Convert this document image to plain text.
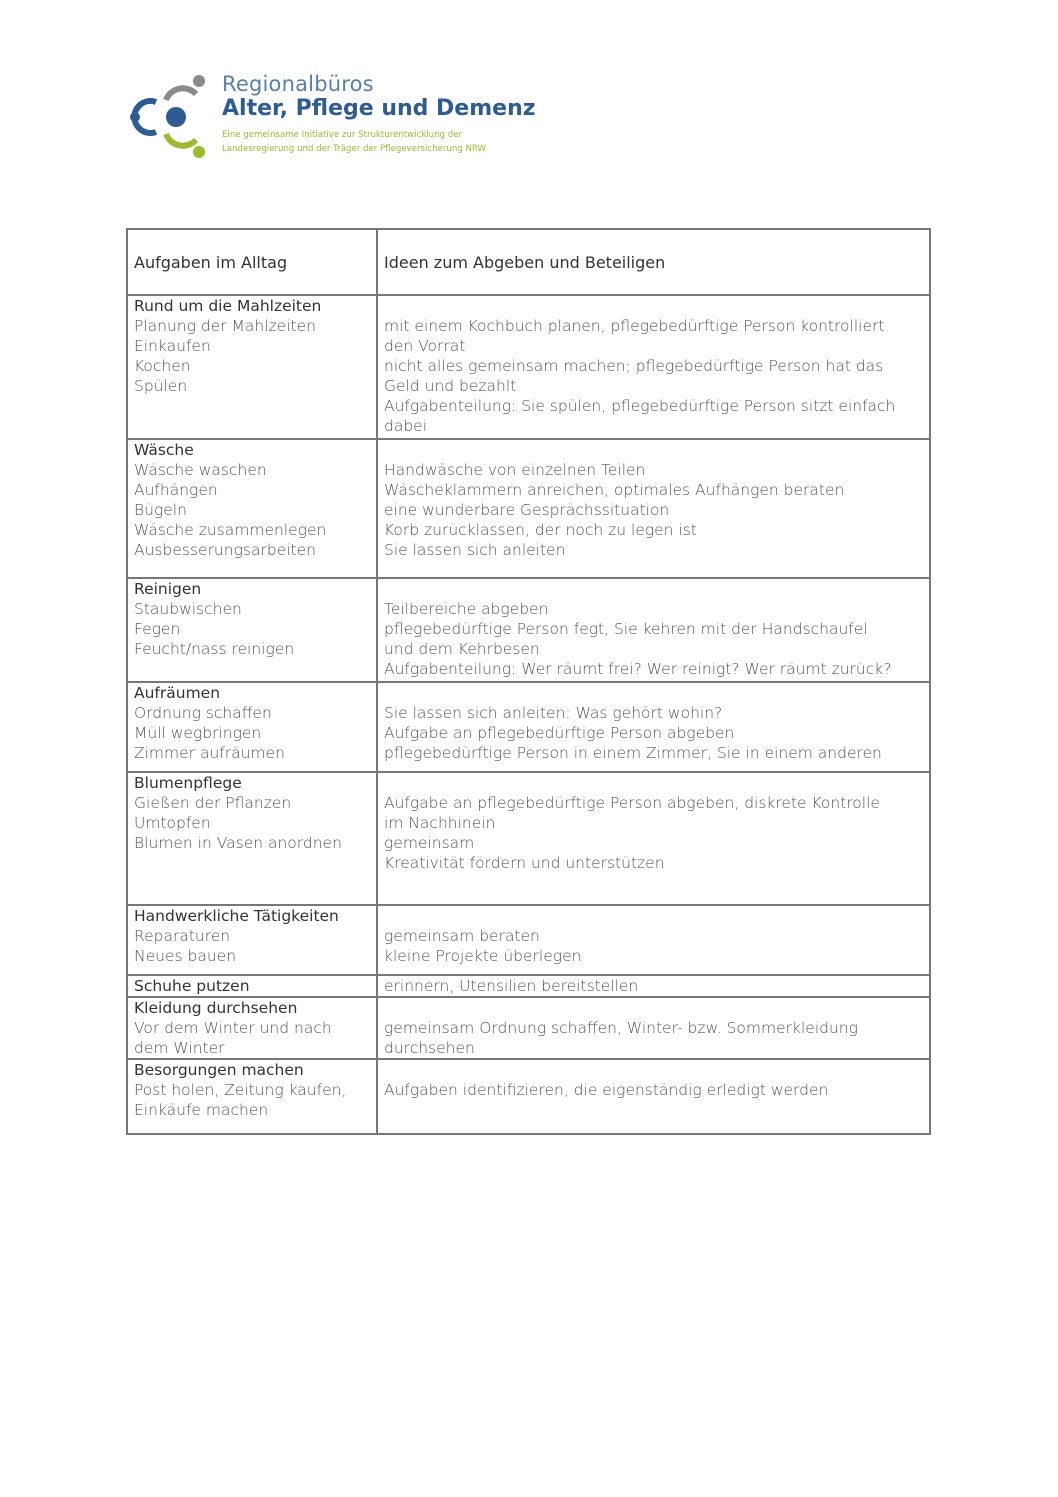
Regionalbüros
Alter, Pflege und Demenz
Eine gemeinsame Initiative zur Strukturentwicklung der
Landesregierung und der Träger der Pflegeversicherung NRW
Aufgaben im Alltag	Ideen zum Abgeben und Beteiligen
Rund um die Mahlzeiten
Planung der Mahlzeiten
Einkaufen
Kochen
Spülen
mit einem Kochbuch planen, pflegebedürftige Person kontrolliert
den Vorrat
nicht alles gemeinsam machen; pflegebedürftige Person hat das
Geld und bezahlt
Aufgabenteilung: Sie spülen, pflegebedürftige Person sitzt einfach
dabei
Wäsche
Wäsche waschen
Aufhängen
Bügeln
Wäsche zusammenlegen
Ausbesserungsarbeiten
Handwäsche von einzelnen Teilen
Wäscheklammern anreichen, optimales Aufhängen beraten
eine wunderbare Gesprächssituation
Korb zurücklassen, der noch zu legen ist
Sie lassen sich anleiten
Reinigen
Staubwischen
Fegen
Feucht/nass reinigen
Teilbereiche abgeben
pflegebedürftige Person fegt, Sie kehren mit der Handschaufel
und dem Kehrbesen
Aufgabenteilung: Wer räumt frei? Wer reinigt? Wer räumt zurück?
Aufräumen
Ordnung schaffen
Müll wegbringen
Zimmer aufräumen
Sie lassen sich anleiten: Was gehört wohin?
Aufgabe an pflegebedürftige Person abgeben
pflegebedürftige Person in einem Zimmer, Sie in einem anderen
Blumenpflege
Gießen der Pflanzen
Umtopfen
Blumen in Vasen anordnen
Aufgabe an pflegebedürftige Person abgeben, diskrete Kontrolle
im Nachhinein
gemeinsam
Kreativität fördern und unterstützen
Handwerkliche Tätigkeiten
Reparaturen
Neues bauen
gemeinsam beraten
kleine Projekte überlegen
Schuhe putzen	erinnern, Utensilien bereitstellen
Kleidung durchsehen
Vor dem Winter und nach
dem Winter
gemeinsam Ordnung schaffen, Winter- bzw. Sommerkleidung
durchsehen
Besorgungen machen
Post holen, Zeitung kaufen,
Einkäufe machen
Aufgaben identifizieren, die eigenständig erledigt werden
